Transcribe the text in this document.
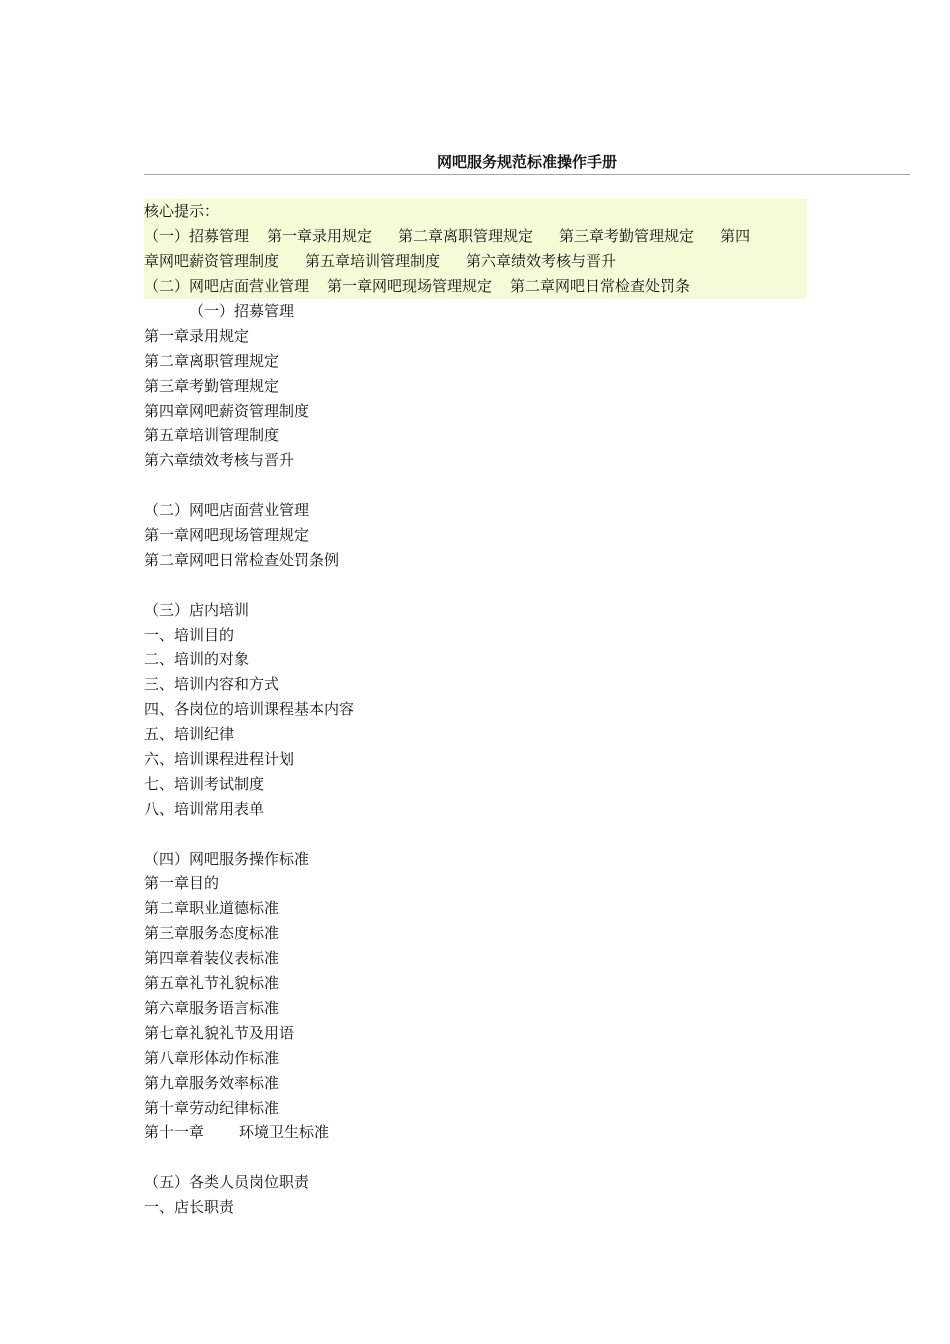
网吧服务规范标准操作手册
核心提示：
（一）招募管理 第一章录用规定 第二章离职管理规定 第三章考勤管理规定 第四
章网吧薪资管理制度 第五章培训管理制度 第六章绩效考核与晋升
（二）网吧店面营业管理 第一章网吧现场管理规定 第二章网吧日常检查处罚条
（一）招募管理
第一章录用规定
第二章离职管理规定
第三章考勤管理规定
第四章网吧薪资管理制度
第五章培训管理制度
第六章绩效考核与晋升
（二）网吧店面营业管理
第一章网吧现场管理规定
第二章网吧日常检查处罚条例
（三）店内培训
一、培训目的
二、培训的对象
三、培训内容和方式
四、各岗位的培训课程基本内容
五、培训纪律
六、培训课程进程计划
七、培训考试制度
八、培训常用表单
（四）网吧服务操作标准
第一章目的
第二章职业道德标准
第三章服务态度标准
第四章着装仪表标准
第五章礼节礼貌标准
第六章服务语言标准
第七章礼貌礼节及用语
第八章形体动作标准
第九章服务效率标准
第十章劳动纪律标准
第十一章 环境卫生标准
（五）各类人员岗位职责
一、店长职责
